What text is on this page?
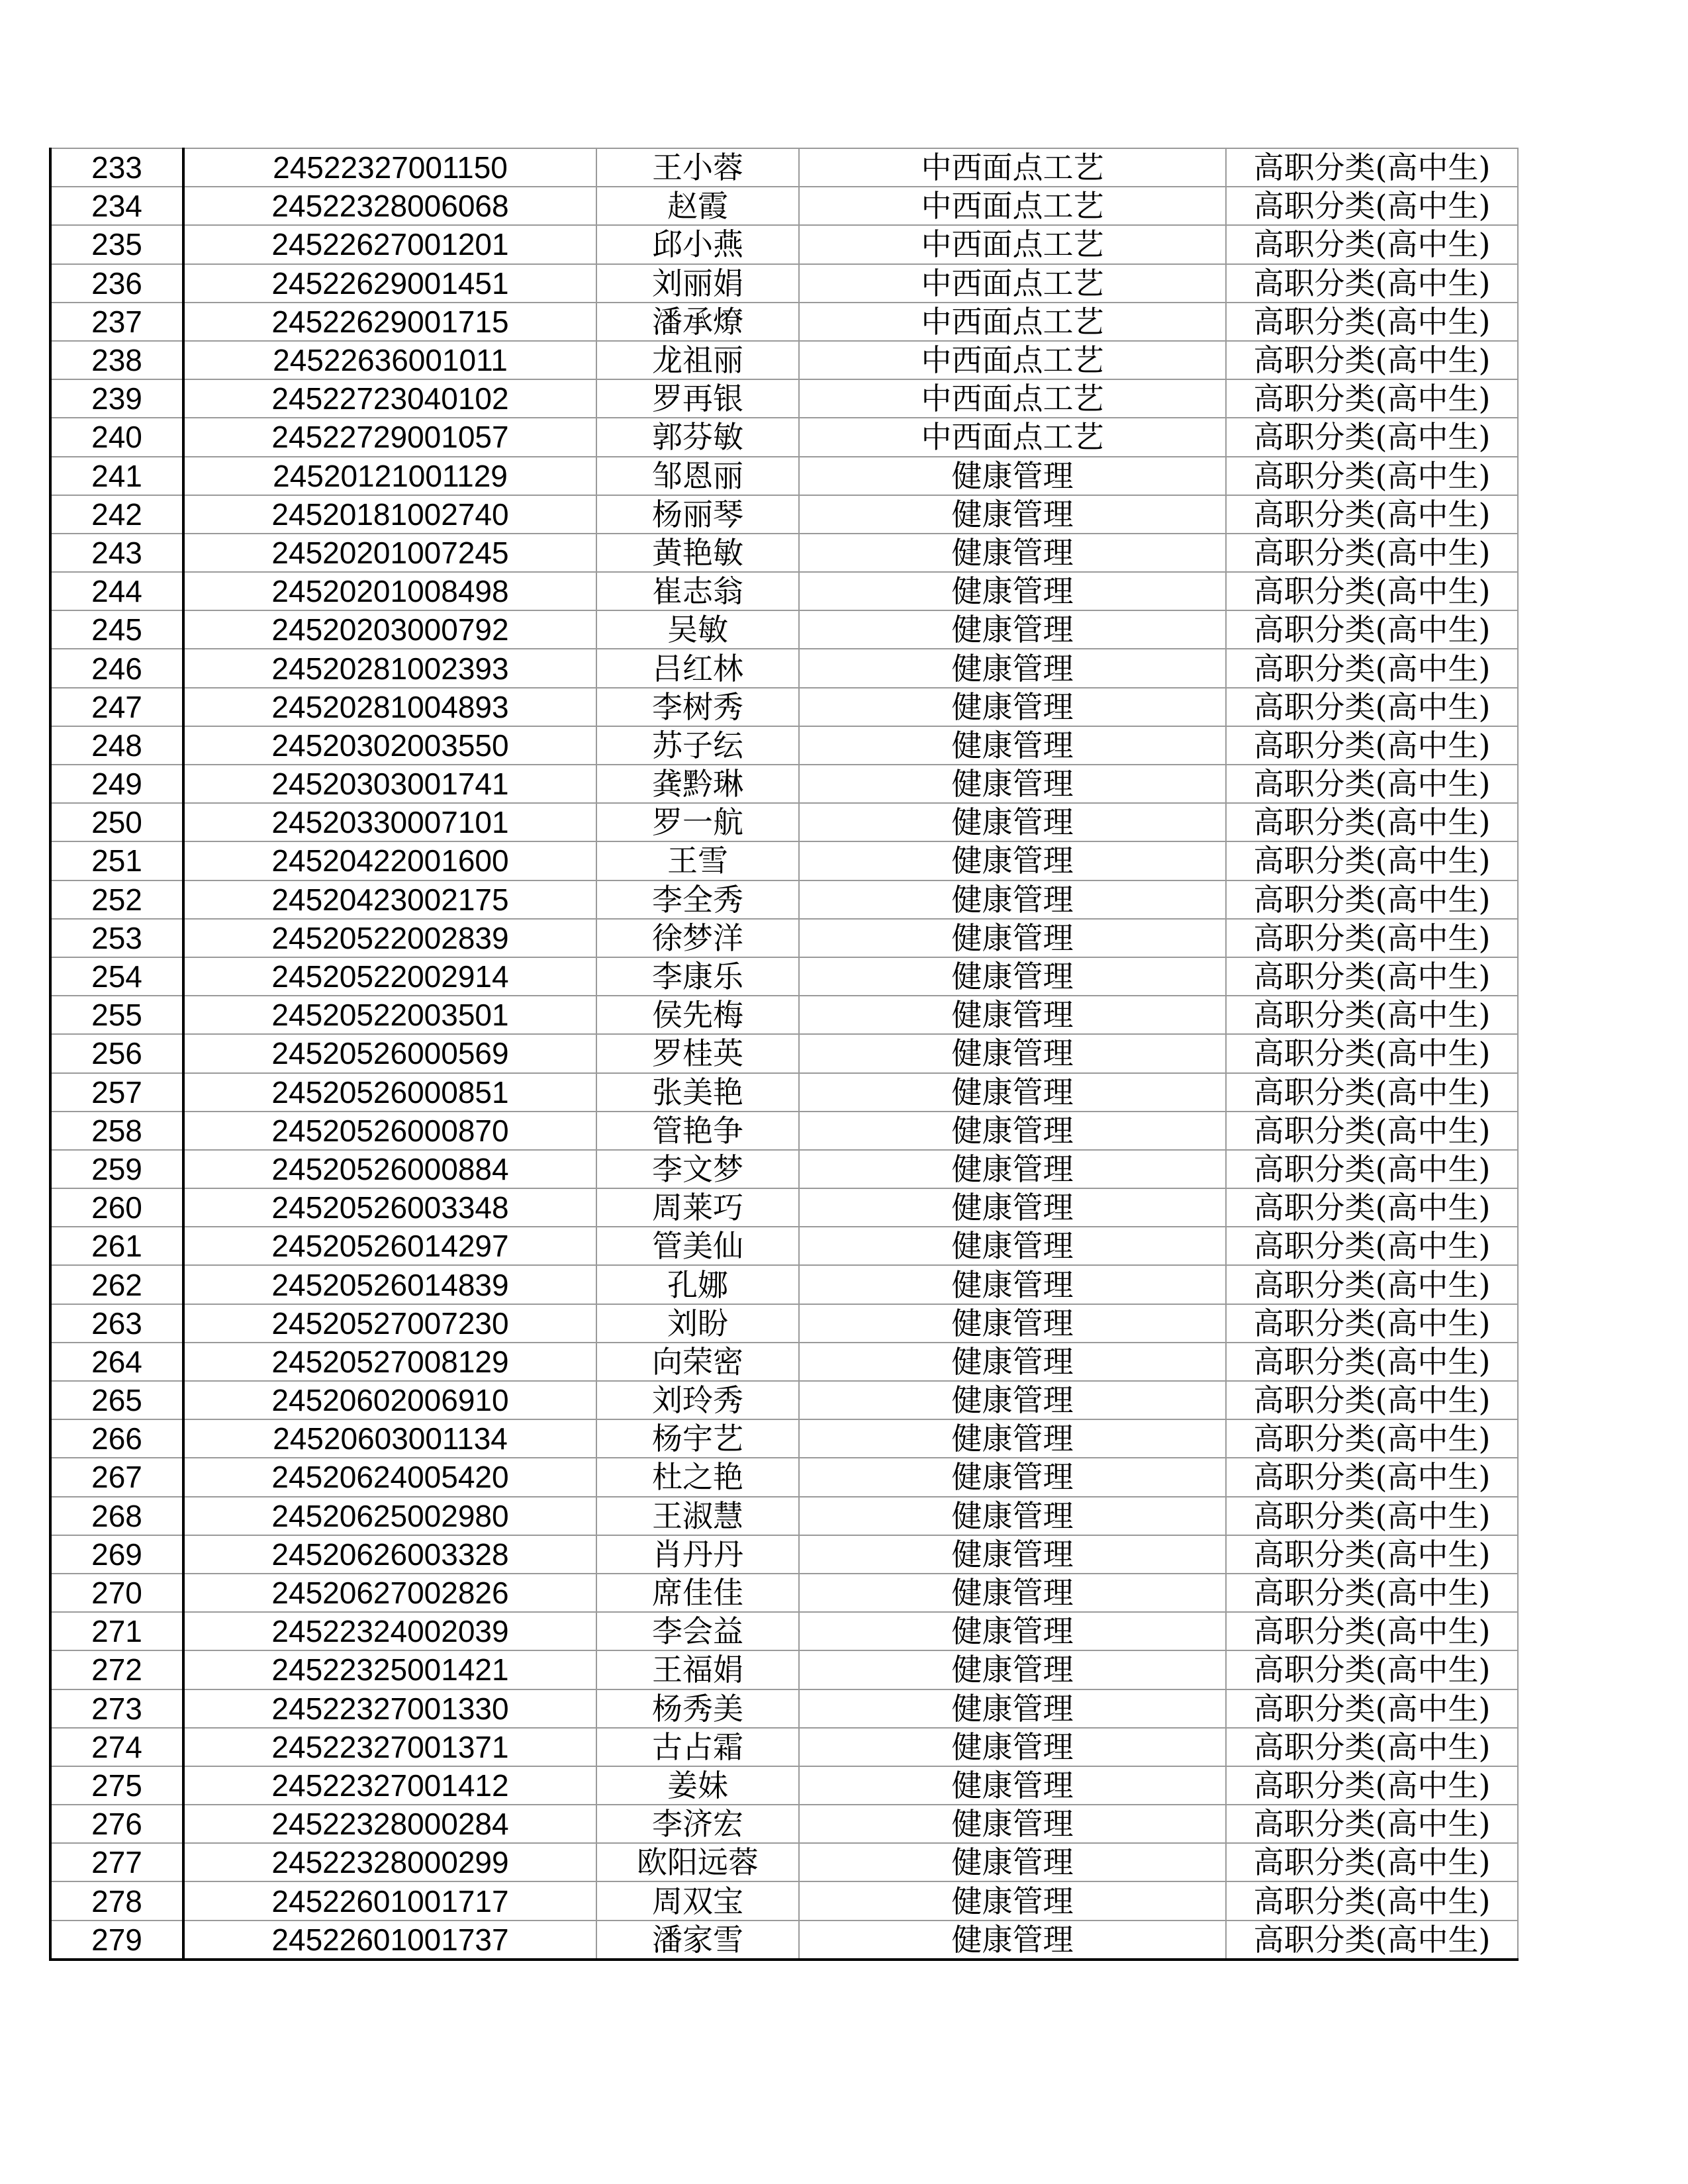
233	24522327001150	王小蓉	中西面点工艺	高职分类(高中生)
234	24522328006068	赵霞	中西面点工艺	高职分类(高中生)
235	24522627001201	邱小燕	中西面点工艺	高职分类(高中生)
236	24522629001451	刘丽娟	中西面点工艺	高职分类(高中生)
237	24522629001715	潘承燎	中西面点工艺	高职分类(高中生)
238	24522636001011	龙祖丽	中西面点工艺	高职分类(高中生)
239	24522723040102	罗再银	中西面点工艺	高职分类(高中生)
240	24522729001057	郭芬敏	中西面点工艺	高职分类(高中生)
241	24520121001129	邹恩丽	健康管理	高职分类(高中生)
242	24520181002740	杨丽琴	健康管理	高职分类(高中生)
243	24520201007245	黄艳敏	健康管理	高职分类(高中生)
244	24520201008498	崔志翁	健康管理	高职分类(高中生)
245	24520203000792	吴敏	健康管理	高职分类(高中生)
246	24520281002393	吕红林	健康管理	高职分类(高中生)
247	24520281004893	李树秀	健康管理	高职分类(高中生)
248	24520302003550	苏子纭	健康管理	高职分类(高中生)
249	24520303001741	龚黔琳	健康管理	高职分类(高中生)
250	24520330007101	罗一航	健康管理	高职分类(高中生)
251	24520422001600	王雪	健康管理	高职分类(高中生)
252	24520423002175	李全秀	健康管理	高职分类(高中生)
253	24520522002839	徐梦洋	健康管理	高职分类(高中生)
254	24520522002914	李康乐	健康管理	高职分类(高中生)
255	24520522003501	侯先梅	健康管理	高职分类(高中生)
256	24520526000569	罗桂英	健康管理	高职分类(高中生)
257	24520526000851	张美艳	健康管理	高职分类(高中生)
258	24520526000870	管艳争	健康管理	高职分类(高中生)
259	24520526000884	李文梦	健康管理	高职分类(高中生)
260	24520526003348	周莱巧	健康管理	高职分类(高中生)
261	24520526014297	管美仙	健康管理	高职分类(高中生)
262	24520526014839	孔娜	健康管理	高职分类(高中生)
263	24520527007230	刘盼	健康管理	高职分类(高中生)
264	24520527008129	向荣密	健康管理	高职分类(高中生)
265	24520602006910	刘玲秀	健康管理	高职分类(高中生)
266	24520603001134	杨宇艺	健康管理	高职分类(高中生)
267	24520624005420	杜之艳	健康管理	高职分类(高中生)
268	24520625002980	王淑慧	健康管理	高职分类(高中生)
269	24520626003328	肖丹丹	健康管理	高职分类(高中生)
270	24520627002826	席佳佳	健康管理	高职分类(高中生)
271	24522324002039	李会益	健康管理	高职分类(高中生)
272	24522325001421	王福娟	健康管理	高职分类(高中生)
273	24522327001330	杨秀美	健康管理	高职分类(高中生)
274	24522327001371	古占霜	健康管理	高职分类(高中生)
275	24522327001412	姜妹	健康管理	高职分类(高中生)
276	24522328000284	李济宏	健康管理	高职分类(高中生)
277	24522328000299	欧阳远蓉	健康管理	高职分类(高中生)
278	24522601001717	周双宝	健康管理	高职分类(高中生)
279	24522601001737	潘家雪	健康管理	高职分类(高中生)
